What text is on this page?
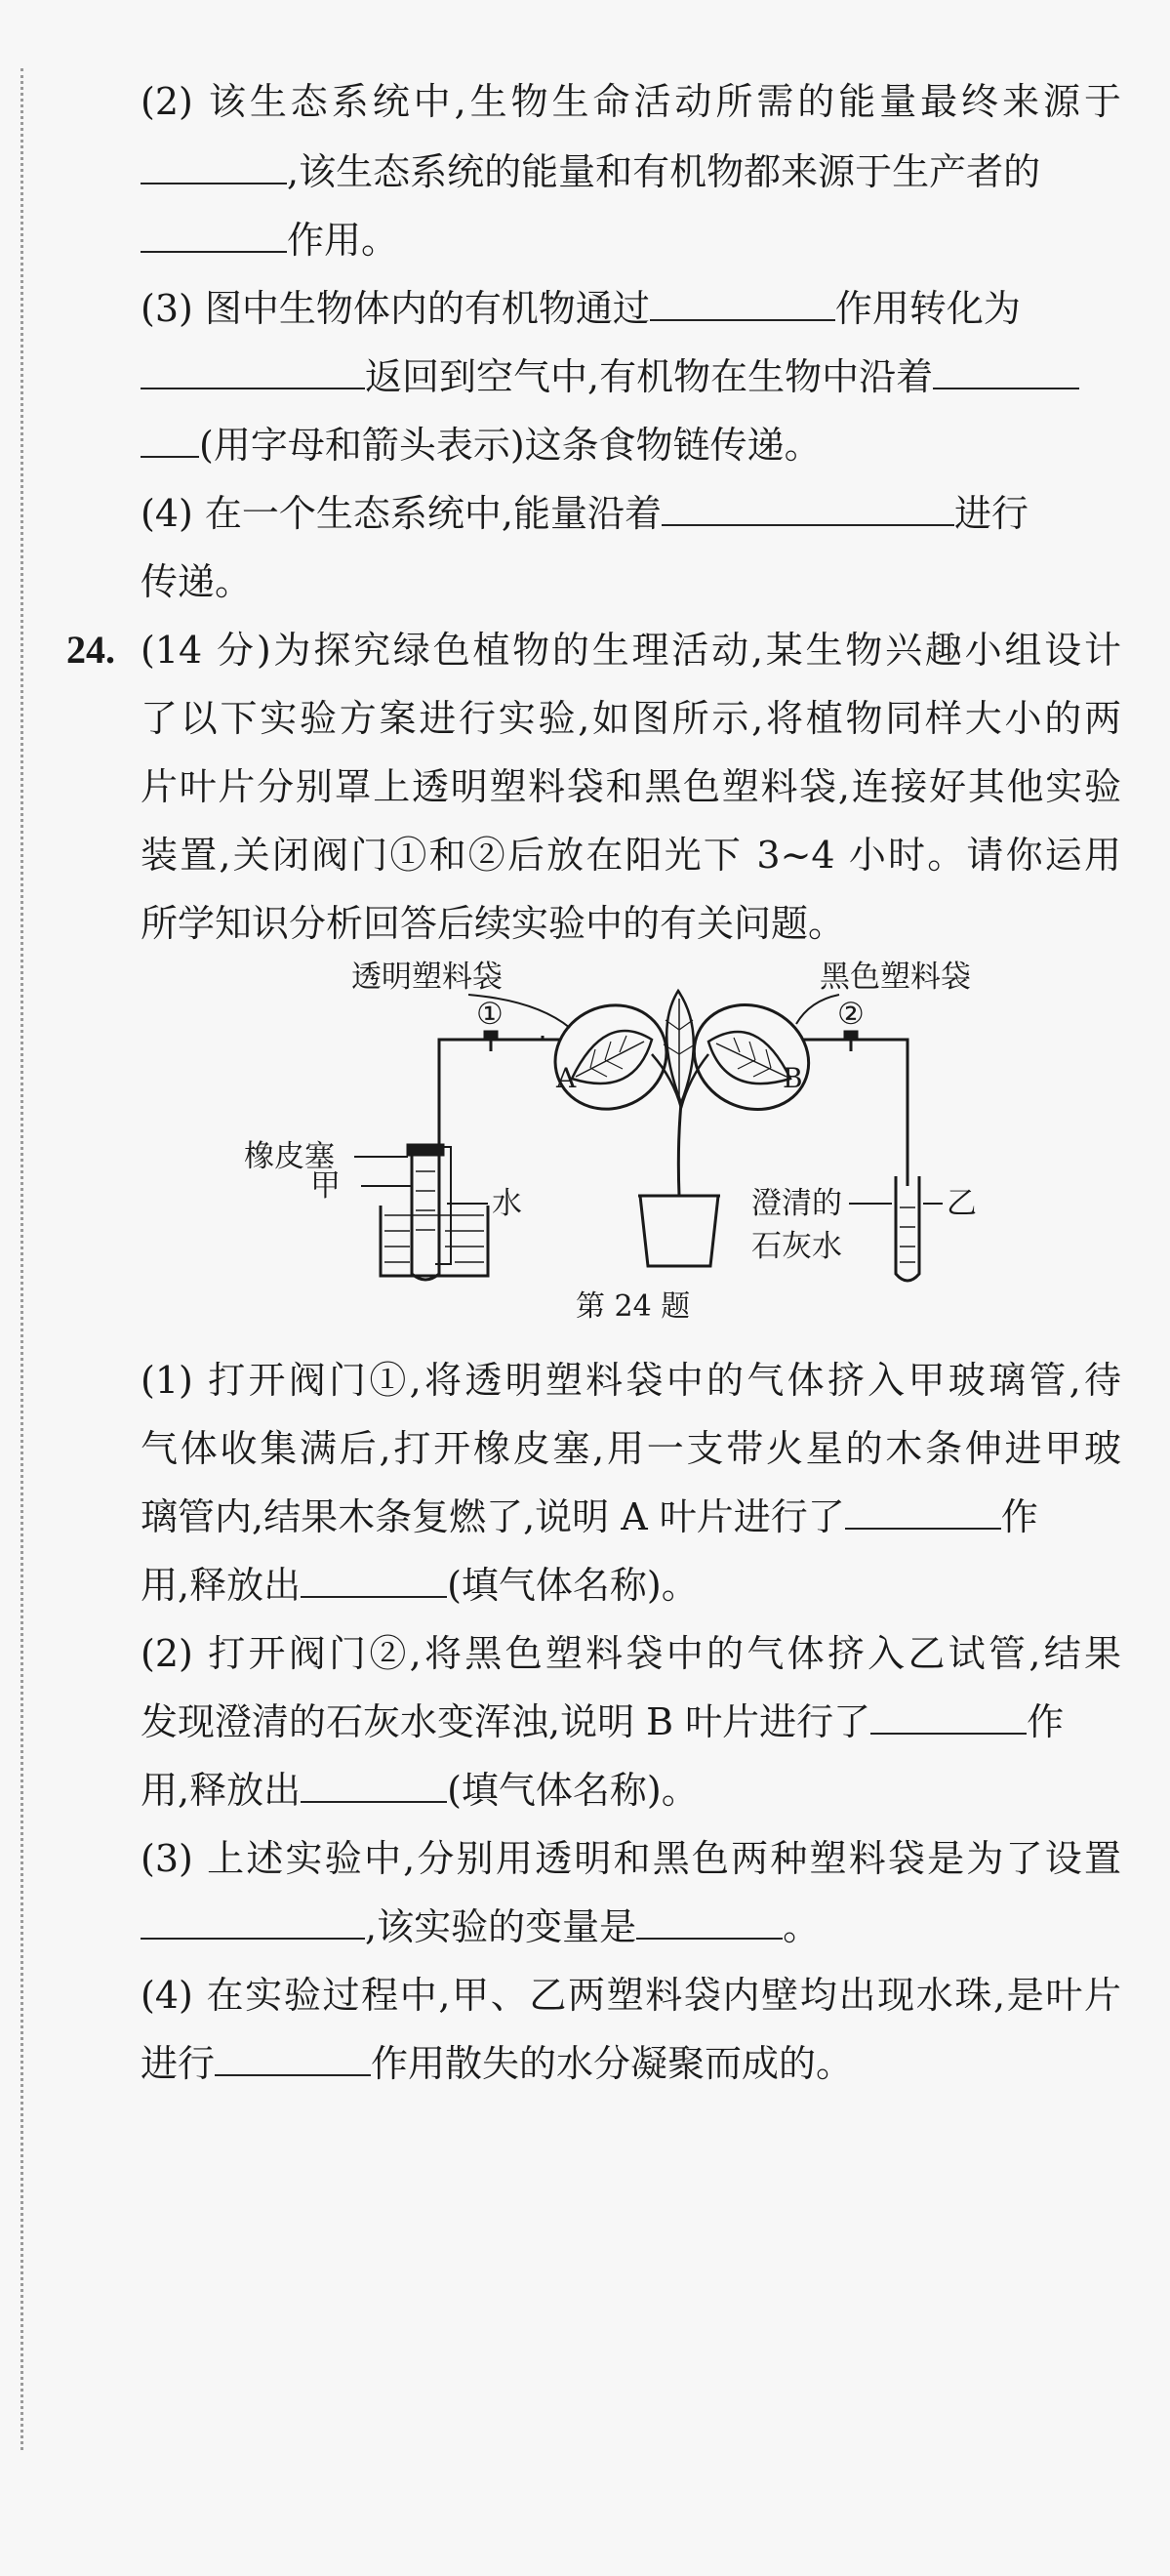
(2) 该生态系统中,生物生命活动所需的能量最终来源于
,该生态系统的能量和有机物都来源于生产者的
作用。
(3) 图中生物体内的有机物通过	作用转化为
返回到空气中,有机物在生物中沿着
(用字母和箭头表示)这条食物链传递。
(4) 在一个生态系统中,能量沿着	进行
传递。
24. (14 分)为探究绿色植物的生理活动,某生物兴趣小组设计
了以下实验方案进行实验,如图所示,将植物同样大小的两
片叶片分别罩上透明塑料袋和黑色塑料袋,连接好其他实验
装置,关闭阀门①和②后放在阳光下 3~4 小时。请你运用
所学知识分析回答后续实验中的有关问题。
透明塑料袋	黑色塑料袋
①	②
A	B
橡皮塞
甲	水	澄清的
石灰水
乙
第 24 题
(1) 打开阀门①,将透明塑料袋中的气体挤入甲玻璃管,待
气体收集满后,打开橡皮塞,用一支带火星的木条伸进甲玻
璃管内,结果木条复燃了,说明 A 叶片进行了	作
用,释放出	(填气体名称)。
(2) 打开阀门②,将黑色塑料袋中的气体挤入乙试管,结果
发现澄清的石灰水变浑浊,说明 B 叶片进行了	作
用,释放出	(填气体名称)。
(3) 上述实验中,分别用透明和黑色两种塑料袋是为了设置
,该实验的变量是	。
(4) 在实验过程中,甲、乙两塑料袋内壁均出现水珠,是叶片
进行	作用散失的水分凝聚而成的。
